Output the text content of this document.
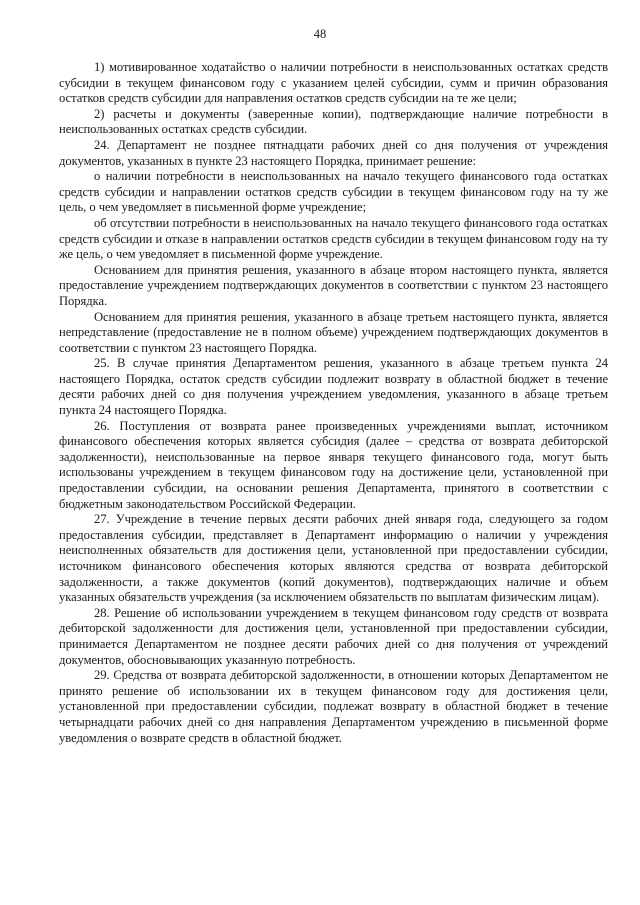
48

1) мотивированное ходатайство о наличии потребности в неиспользованных остатках средств субсидии в текущем финансовом году с указанием целей субсидии, сумм и причин образования остатков средств субсидии для направления остатков средств субсидии на те же цели;

2) расчеты и документы (заверенные копии), подтверждающие наличие потребности в неиспользованных остатках средств субсидии.

24. Департамент не позднее пятнадцати рабочих дней со дня получения от учреждения документов, указанных в пункте 23 настоящего Порядка, принимает решение:

о наличии потребности в неиспользованных на начало текущего финансового года остатках средств субсидии и направлении остатков средств субсидии в текущем финансовом году на ту же цель, о чем уведомляет в письменной форме учреждение;

об отсутствии потребности в неиспользованных на начало текущего финансового года остатках средств субсидии и отказе в направлении остатков средств субсидии в текущем финансовом году на ту же цель, о чем уведомляет в письменной форме учреждение.

Основанием для принятия решения, указанного в абзаце втором настоящего пункта, является предоставление учреждением подтверждающих документов в соответствии с пунктом 23 настоящего Порядка.

Основанием для принятия решения, указанного в абзаце третьем настоящего пункта, является непредставление (предоставление не в полном объеме) учреждением подтверждающих документов в соответствии с пунктом 23 настоящего Порядка.

25. В случае принятия Департаментом решения, указанного в абзаце третьем пункта 24 настоящего Порядка, остаток средств субсидии подлежит возврату в областной бюджет в течение десяти рабочих дней со дня получения учреждением уведомления, указанного в абзаце третьем пункта 24 настоящего Порядка.

26. Поступления от возврата ранее произведенных учреждениями выплат, источником финансового обеспечения которых является субсидия (далее – средства от возврата дебиторской задолженности), неиспользованные на первое января текущего финансового года, могут быть использованы учреждением в текущем финансовом году на достижение цели, установленной при предоставлении субсидии, на основании решения Департамента, принятого в соответствии с бюджетным законодательством Российской Федерации.

27. Учреждение в течение первых десяти рабочих дней января года, следующего за годом предоставления субсидии, представляет в Департамент информацию о наличии у учреждения неисполненных обязательств для достижения цели, установленной при предоставлении субсидии, источником финансового обеспечения которых являются средства от возврата дебиторской задолженности, а также документов (копий документов), подтверждающих наличие и объем указанных обязательств учреждения (за исключением обязательств по выплатам физическим лицам).

28. Решение об использовании учреждением в текущем финансовом году средств от возврата дебиторской задолженности для достижения цели, установленной при предоставлении субсидии, принимается Департаментом не позднее десяти рабочих дней со дня получения от учреждений документов, обосновывающих указанную потребность.

29. Средства от возврата дебиторской задолженности, в отношении которых Департаментом не принято решение об использовании их в текущем финансовом году для достижения цели, установленной при предоставлении субсидии, подлежат возврату в областной бюджет в течение четырнадцати рабочих дней со дня направления Департаментом учреждению в письменной форме уведомления о возврате средств в областной бюджет.
